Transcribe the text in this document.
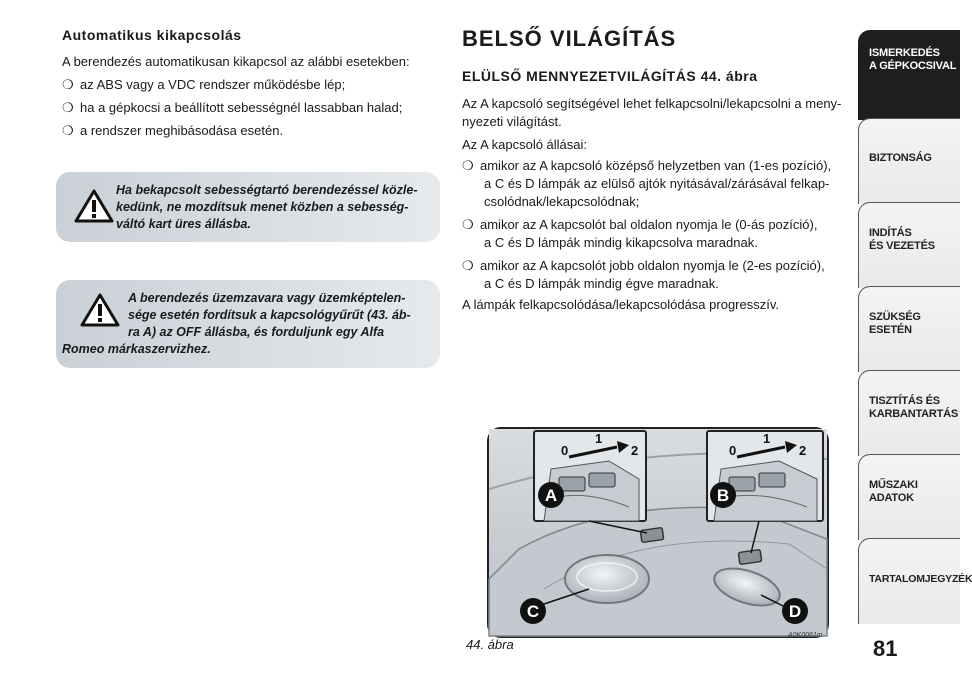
Automatikus kikapcsolás
A berendezés automatikusan kikapcsol az alábbi esetekben:
❍ az ABS vagy a VDC rendszer működésbe lép;
❍ ha a gépkocsi a beállított sebességnél lassabban halad;
❍ a rendszer meghibásodása esetén.
Ha bekapcsolt sebességtartó berendezéssel közle-
kedünk, ne mozdítsuk menet közben a sebesség-
váltó kart üres állásba.
A berendezés üzemzavara vagy üzemképtelen-
sége esetén fordítsuk a kapcsológyűrűt (43. áb-
ra A) az OFF állásba, és forduljunk egy Alfa
Romeo márkaszervizhez.
BELSŐ VILÁGÍTÁS
ELÜLSŐ MENNYEZETVILÁGÍTÁS 44. ábra
Az A kapcsoló segítségével lehet felkapcsolni/lekapcsolni a meny-
nyezeti világítást.
Az A kapcsoló állásai:
❍ amikor az A kapcsoló középső helyzetben van (1-es pozíció),
a C és D lámpák az elülső ajtók nyitásával/zárásával felkap-
csolódnak/lekapcsolódnak;
❍ amikor az A kapcsolót bal oldalon nyomja le (0-ás pozíció),
a C és D lámpák mindig kikapcsolva maradnak.
❍ amikor az A kapcsolót jobb oldalon nyomja le (2-es pozíció),
a C és D lámpák mindig égve maradnak.
A lámpák felkapcsolódása/lekapcsolódása progresszív.
A	B
C	D
0
1
2	0
1
2
44. ábra
A0K0061m
81
ISMERKEDÉS
A GÉPKOCSIVAL
BIZTONSÁG
INDÍTÁS
ÉS VEZETÉS
SZÜKSÉG
ESETÉN
TISZTÍTÁS ÉS
KARBANTARTÁS
MŰSZAKI
ADATOK
TARTALOMJEGYZÉK
